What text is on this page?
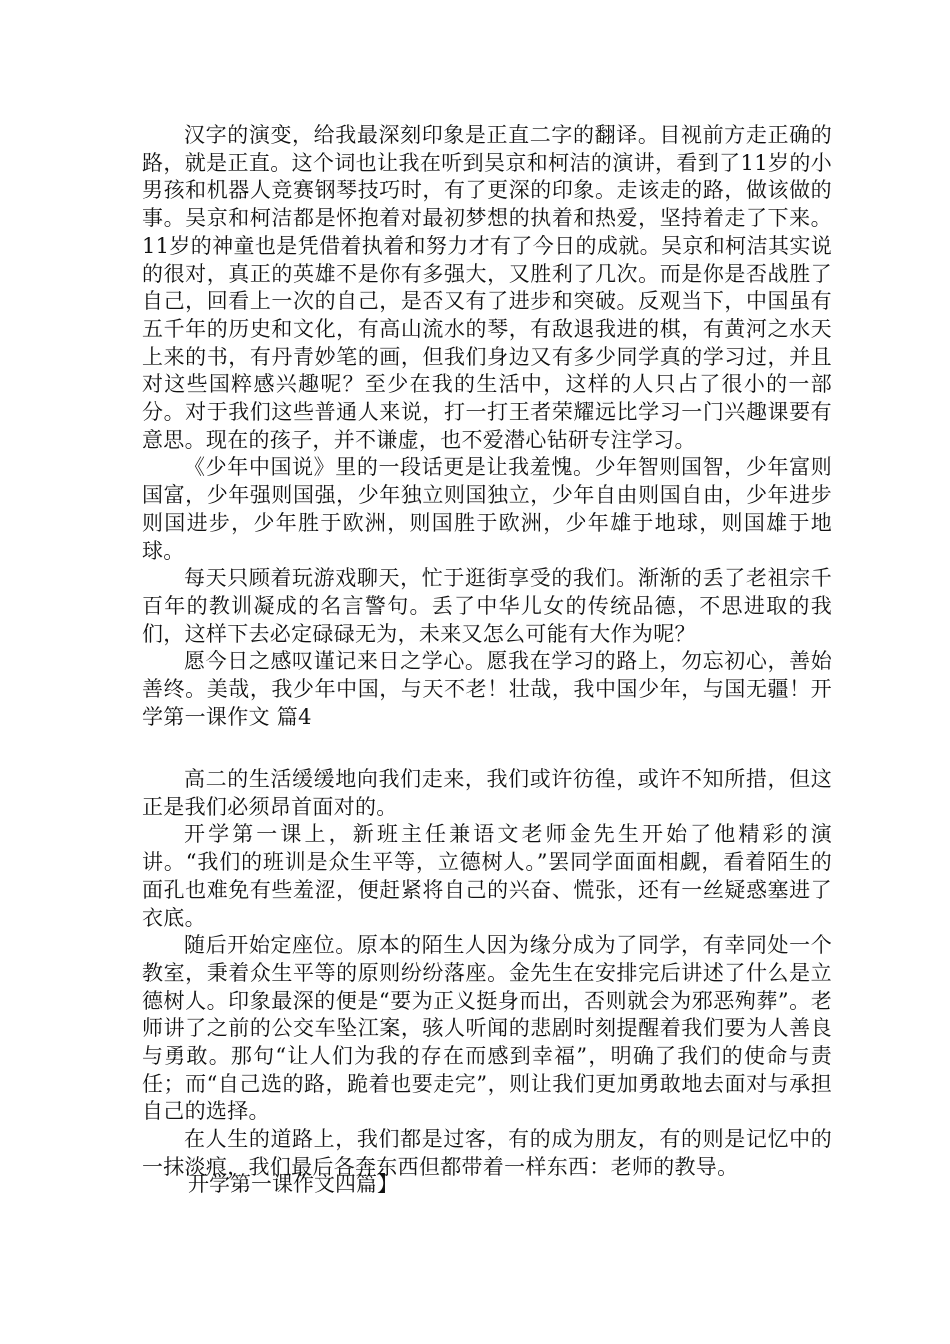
汉字的演变，给我最深刻印象是正直二字的翻译。目视前方走正确的路，就是正直。这个词也让我在听到吴京和柯洁的演讲，看到了11岁的小男孩和机器人竞赛钢琴技巧时，有了更深的印象。走该走的路，做该做的事。吴京和柯洁都是怀抱着对最初梦想的执着和热爱，坚持着走了下来。11岁的神童也是凭借着执着和努力才有了今日的成就。吴京和柯洁其实说的很对，真正的英雄不是你有多强大，又胜利了几次。而是你是否战胜了自己，回看上一次的自己，是否又有了进步和突破。反观当下，中国虽有五千年的历史和文化，有高山流水的琴，有敌退我进的棋，有黄河之水天上来的书，有丹青妙笔的画，但我们身边又有多少同学真的学习过，并且对这些国粹感兴趣呢？至少在我的生活中，这样的人只占了很小的一部分。对于我们这些普通人来说，打一打王者荣耀远比学习一门兴趣课要有意思。现在的孩子，并不谦虚，也不爱潜心钻研专注学习。

《少年中国说》里的一段话更是让我羞愧。少年智则国智，少年富则国富，少年强则国强，少年独立则国独立，少年自由则国自由，少年进步则国进步，少年胜于欧洲，则国胜于欧洲，少年雄于地球，则国雄于地球。

每天只顾着玩游戏聊天，忙于逛街享受的我们。渐渐的丢了老祖宗千百年的教训凝成的名言警句。丢了中华儿女的传统品德，不思进取的我们，这样下去必定碌碌无为，未来又怎么可能有大作为呢？

愿今日之感叹谨记来日之学心。愿我在学习的路上，勿忘初心，善始善终。美哉，我少年中国，与天不老！壮哉，我中国少年，与国无疆！开学第一课作文 篇4

高二的生活缓缓地向我们走来，我们或许彷徨，或许不知所措，但这正是我们必须昂首面对的。

开学第一课上，新班主任兼语文老师金先生开始了他精彩的演讲。“我们的班训是众生平等，立德树人。”罢同学面面相觑，看着陌生的面孔也难免有些羞涩，便赶紧将自己的兴奋、慌张，还有一丝疑惑塞进了衣底。

随后开始定座位。原本的陌生人因为缘分成为了同学，有幸同处一个教室，秉着众生平等的原则纷纷落座。金先生在安排完后讲述了什么是立德树人。印象最深的便是“要为正义挺身而出，否则就会为邪恶殉葬”。老师讲了之前的公交车坠江案，骇人听闻的悲剧时刻提醒着我们要为人善良与勇敢。那句“让人们为我的存在而感到幸福”，明确了我们的使命与责任；而“自己选的路，跪着也要走完”，则让我们更加勇敢地去面对与承担自己的选择。

在人生的道路上，我们都是过客，有的成为朋友，有的则是记忆中的一抹淡痕，我们最后各奔东西但都带着一样东西：老师的教导。

开学第一课作文四篇】
